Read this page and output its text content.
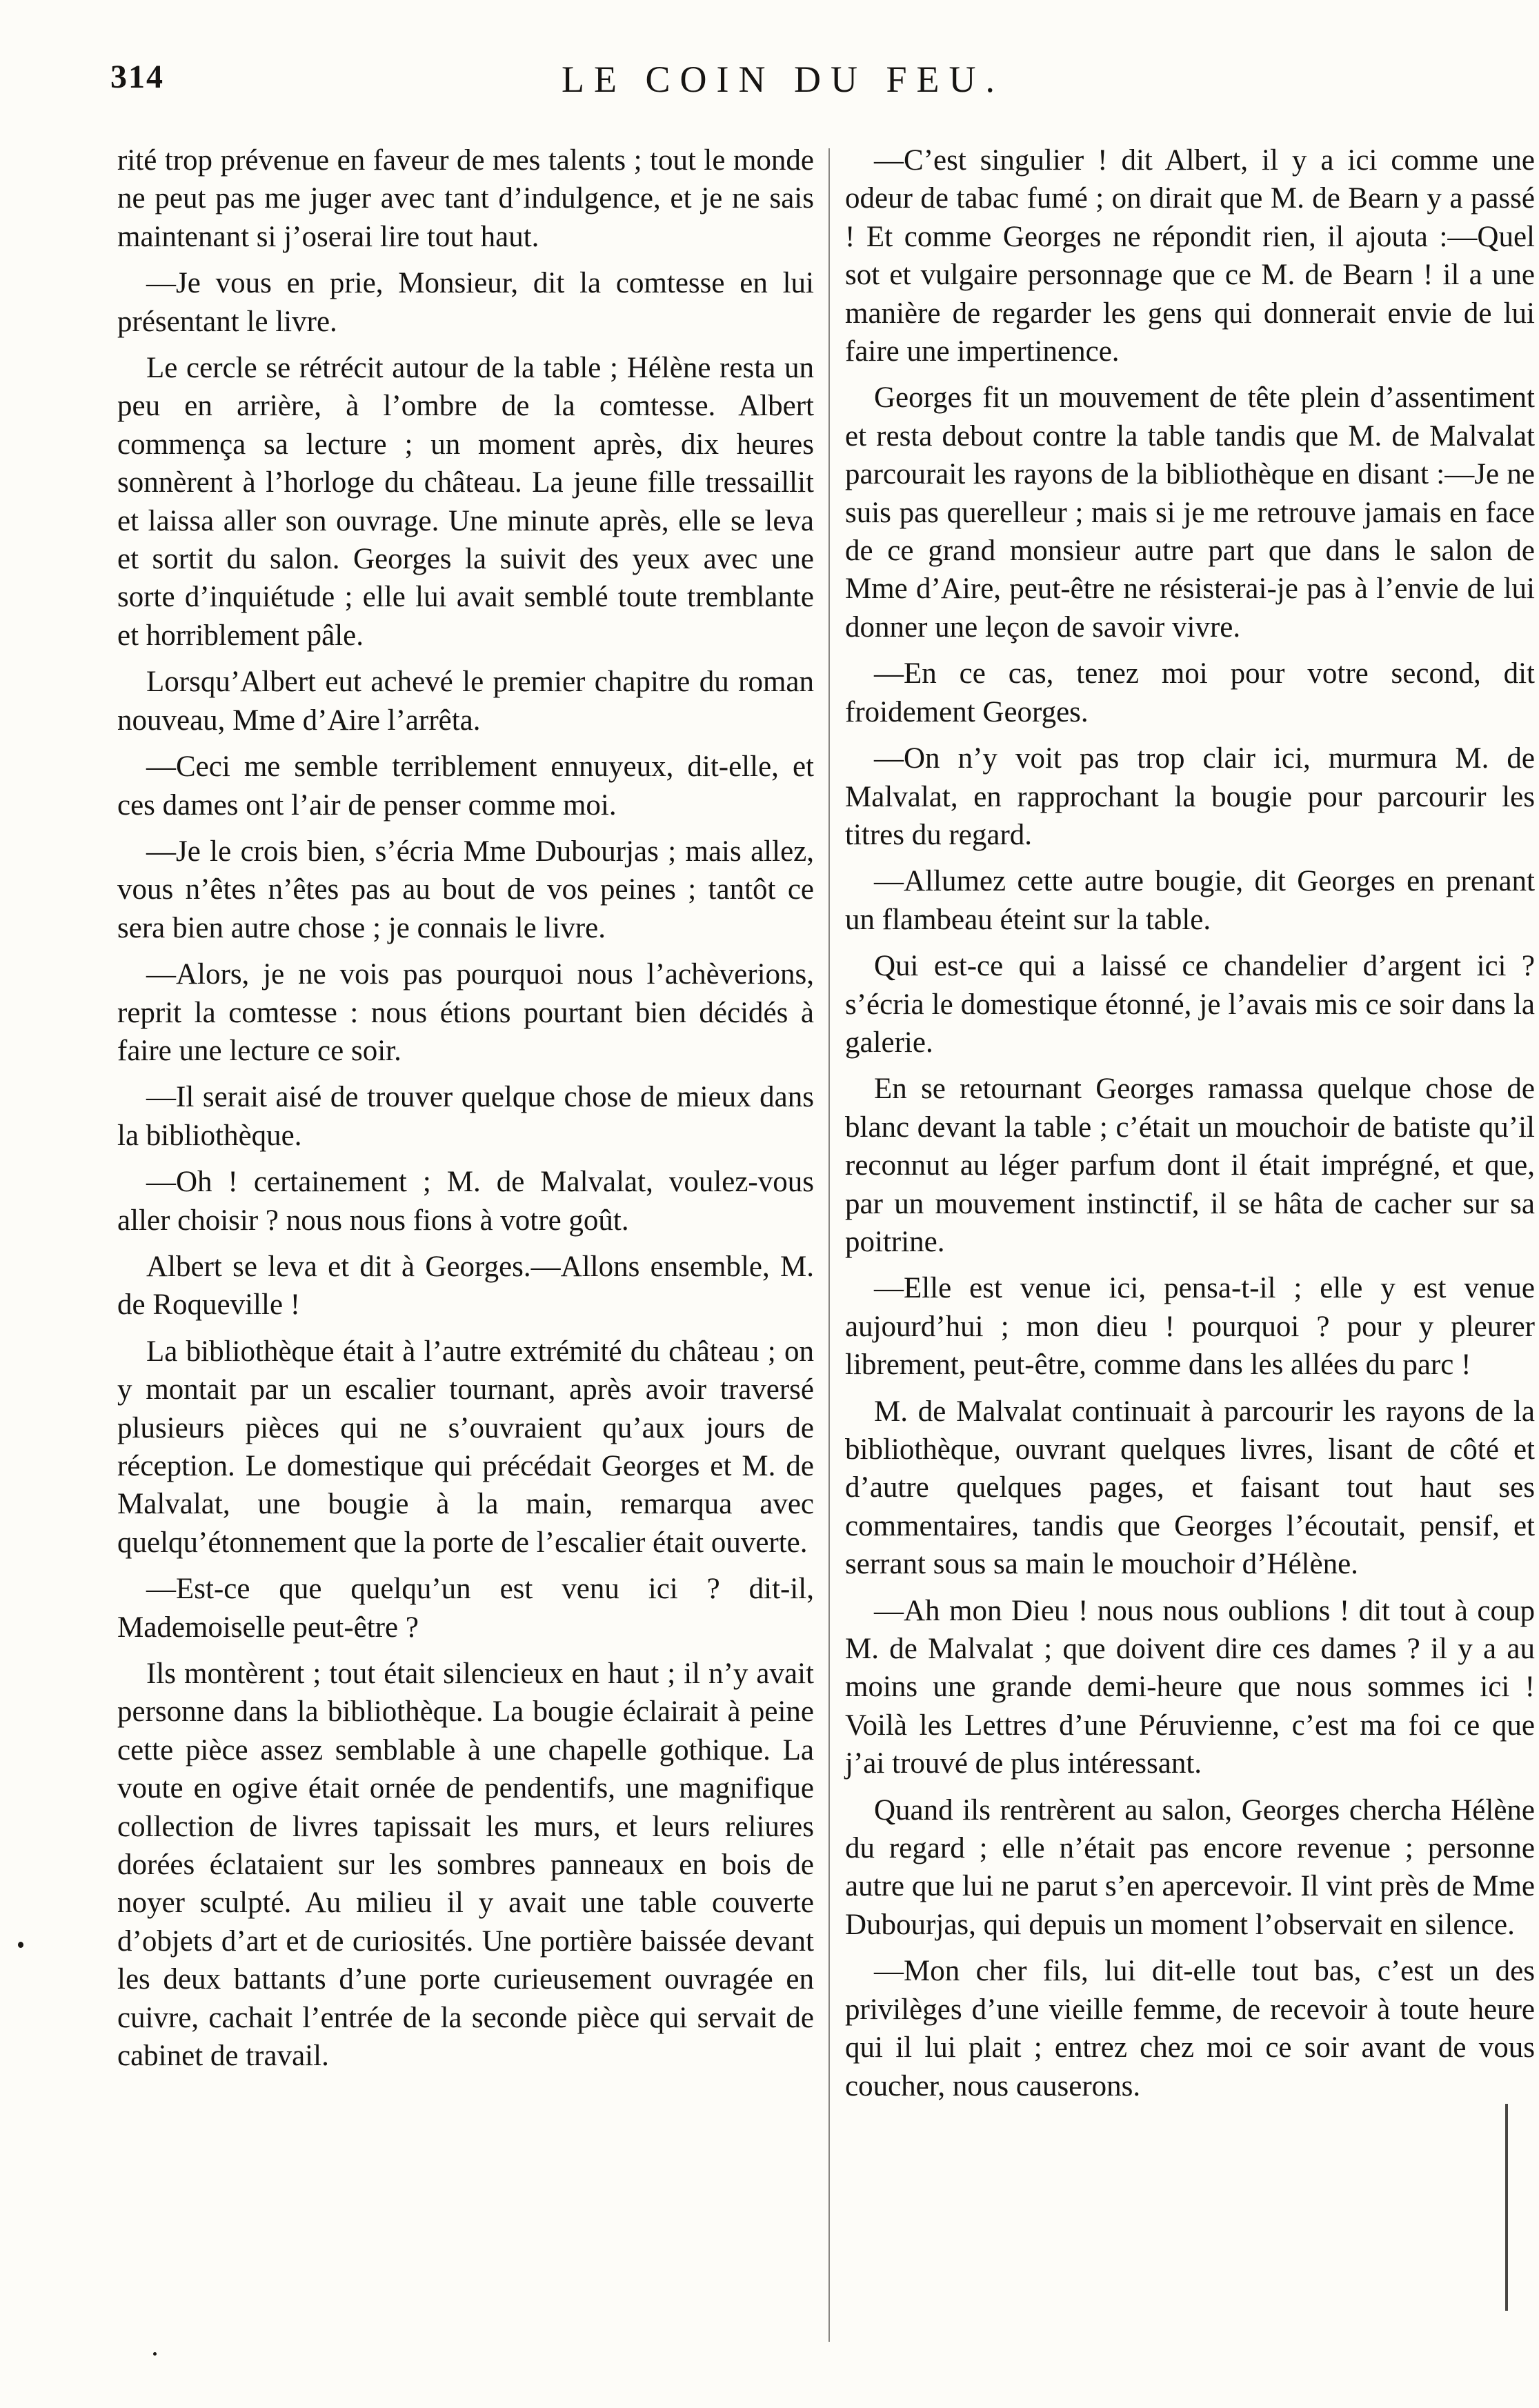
314	LE COIN DU FEU.

rité trop prévenue en faveur de mes talents ; tout le monde ne peut pas me juger avec tant d’indulgence, et je ne sais maintenant si j’oserai lire tout haut.

—Je vous en prie, Monsieur, dit la comtesse en lui présentant le livre.

Le cercle se rétrécit autour de la table ; Hélène resta un peu en arrière, à l’ombre de la comtesse. Albert commença sa lecture ; un moment après, dix heures sonnèrent à l’horloge du château. La jeune fille tressaillit et laissa aller son ouvrage. Une minute après, elle se leva et sortit du salon. Georges la suivit des yeux avec une sorte d’inquiétude ; elle lui avait semblé toute tremblante et horriblement pâle.

Lorsqu’Albert eut achevé le premier chapitre du roman nouveau, Mme d’Aire l’arrêta.

—Ceci me semble terriblement ennuyeux, dit-elle, et ces dames ont l’air de penser comme moi.

—Je le crois bien, s’écria Mme Dubourjas ; mais allez, vous n’êtes n’êtes pas au bout de vos peines ; tantôt ce sera bien autre chose ; je connais le livre.

—Alors, je ne vois pas pourquoi nous l’achèverions, reprit la comtesse : nous étions pourtant bien décidés à faire une lecture ce soir.

—Il serait aisé de trouver quelque chose de mieux dans la bibliothèque.

—Oh ! certainement ; M. de Malvalat, voulez-vous aller choisir ? nous nous fions à votre goût.

Albert se leva et dit à Georges.—Allons ensemble, M. de Roqueville !

La bibliothèque était à l’autre extrémité du château ; on y montait par un escalier tournant, après avoir traversé plusieurs pièces qui ne s’ouvraient qu’aux jours de réception. Le domestique qui précédait Georges et M. de Malvalat, une bougie à la main, remarqua avec quelqu’étonnement que la porte de l’escalier était ouverte.

—Est-ce que quelqu’un est venu ici ? dit-il, Mademoiselle peut-être ?

Ils montèrent ; tout était silencieux en haut ; il n’y avait personne dans la bibliothèque. La bougie éclairait à peine cette pièce assez semblable à une chapelle gothique. La voute en ogive était ornée de pendentifs, une magnifique collection de livres tapissait les murs, et leurs reliures dorées éclataient sur les sombres panneaux en bois de noyer sculpté. Au milieu il y avait une table couverte d’objets d’art et de curiosités. Une portière baissée devant les deux battants d’une porte curieusement ouvragée en cuivre, cachait l’entrée de la seconde pièce qui servait de cabinet de travail.

—C’est singulier ! dit Albert, il y a ici comme une odeur de tabac fumé ; on dirait que M. de Bearn y a passé ! Et comme Georges ne répondit rien, il ajouta :—Quel sot et vulgaire personnage que ce M. de Bearn ! il a une manière de regarder les gens qui donnerait envie de lui faire une impertinence.

Georges fit un mouvement de tête plein d’assentiment et resta debout contre la table tandis que M. de Malvalat parcourait les rayons de la bibliothèque en disant :—Je ne suis pas querelleur ; mais si je me retrouve jamais en face de ce grand monsieur autre part que dans le salon de Mme d’Aire, peut-être ne résisterai-je pas à l’envie de lui donner une leçon de savoir vivre.

—En ce cas, tenez moi pour votre second, dit froidement Georges.

—On n’y voit pas trop clair ici, murmura M. de Malvalat, en rapprochant la bougie pour parcourir les titres du regard.

—Allumez cette autre bougie, dit Georges en prenant un flambeau éteint sur la table.

Qui est-ce qui a laissé ce chandelier d’argent ici ? s’écria le domestique étonné, je l’avais mis ce soir dans la galerie.

En se retournant Georges ramassa quelque chose de blanc devant la table ; c’était un mouchoir de batiste qu’il reconnut au léger parfum dont il était imprégné, et que, par un mouvement instinctif, il se hâta de cacher sur sa poitrine.

—Elle est venue ici, pensa-t-il ; elle y est venue aujourd’hui ; mon dieu ! pourquoi ? pour y pleurer librement, peut-être, comme dans les allées du parc !

M. de Malvalat continuait à parcourir les rayons de la bibliothèque, ouvrant quelques livres, lisant de côté et d’autre quelques pages, et faisant tout haut ses commentaires, tandis que Georges l’écoutait, pensif, et serrant sous sa main le mouchoir d’Hélène.

—Ah mon Dieu ! nous nous oublions ! dit tout à coup M. de Malvalat ; que doivent dire ces dames ? il y a au moins une grande demi-heure que nous sommes ici ! Voilà les Lettres d’une Péruvienne, c’est ma foi ce que j’ai trouvé de plus intéressant.

Quand ils rentrèrent au salon, Georges chercha Hélène du regard ; elle n’était pas encore revenue ; personne autre que lui ne parut s’en apercevoir. Il vint près de Mme Dubourjas, qui depuis un moment l’observait en silence.

—Mon cher fils, lui dit-elle tout bas, c’est un des privilèges d’une vieille femme, de recevoir à toute heure qui il lui plait ; entrez chez moi ce soir avant de vous coucher, nous causerons.
